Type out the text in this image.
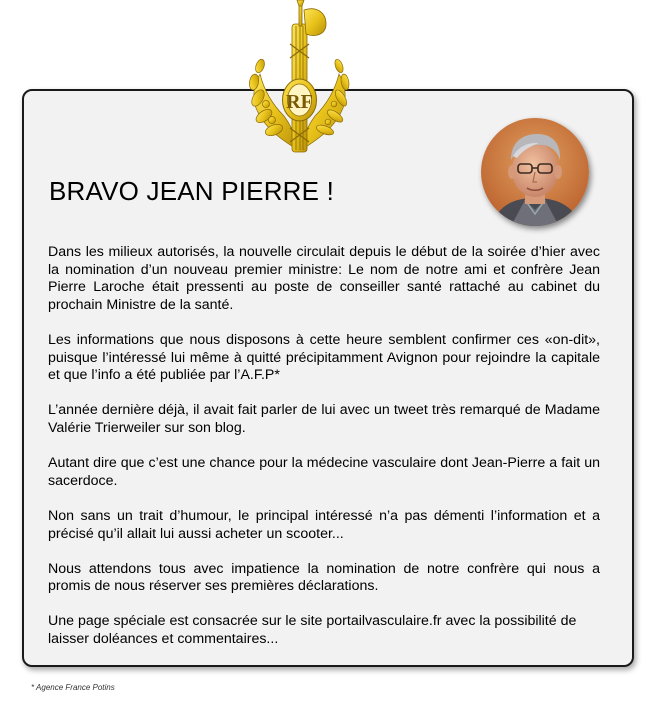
RF
BRAVO JEAN PIERRE !

Dans les milieux autorisés, la nouvelle circulait depuis le début de la soirée d’hier avec la nomination d’un nouveau premier ministre: Le nom de notre ami et confrère Jean Pierre Laroche était pressenti au poste de conseiller santé rattaché au cabinet du prochain Ministre de la santé.

Les informations que nous disposons à cette heure semblent confirmer ces «on-dit», puisque l’intéressé lui même à quitté précipitamment Avignon pour rejoindre la capitale et que l’info a été publiée par l’A.F.P*

L’année dernière déjà, il avait fait parler de lui avec un tweet très remarqué de Madame Valérie Trierweiler sur son blog.

Autant dire que c’est une chance pour la médecine vasculaire dont Jean-Pierre a fait un sacerdoce.

Non sans un trait d’humour, le principal intéressé n’a pas démenti l’information et a précisé qu’il allait lui aussi acheter un scooter...

Nous attendons tous avec impatience la nomination de notre confrère qui nous a promis de nous réserver ses premières déclarations.

Une page spéciale est consacrée sur le site portailvasculaire.fr avec la possibilité de laisser doléances et commentaires...

* Agence France Potins
